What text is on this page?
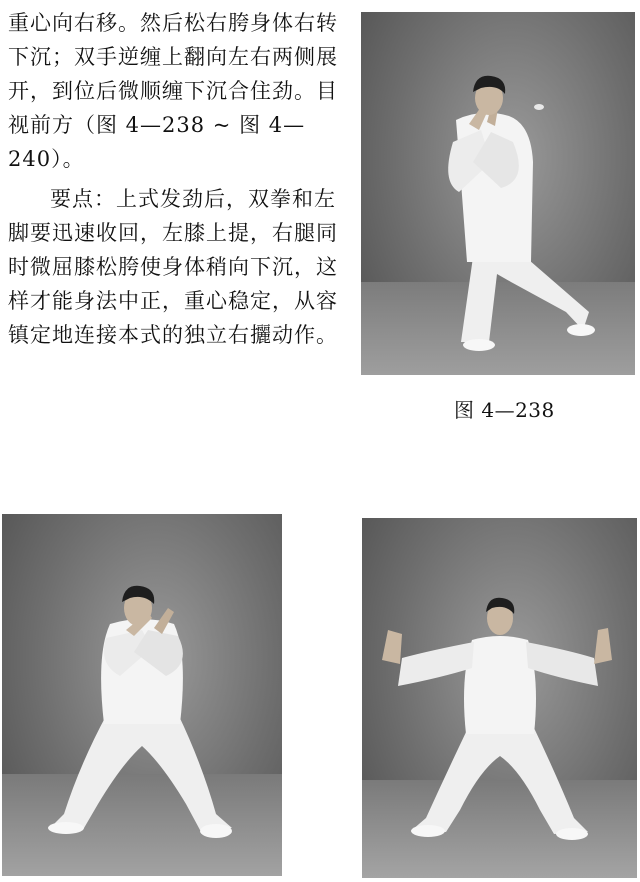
重心向右移。然后松右胯身体右转下沉；双手逆缠上翻向左右两侧展开，到位后微顺缠下沉合住劲。目视前方（图 4—238 ~ 图 4—240）。

要点：上式发劲后，双拳和左脚要迅速收回，左膝上提，右腿同时微屈膝松胯使身体稍向下沉，这样才能身法中正，重心稳定，从容镇定地连接本式的独立右攦动作。

图 4—238
